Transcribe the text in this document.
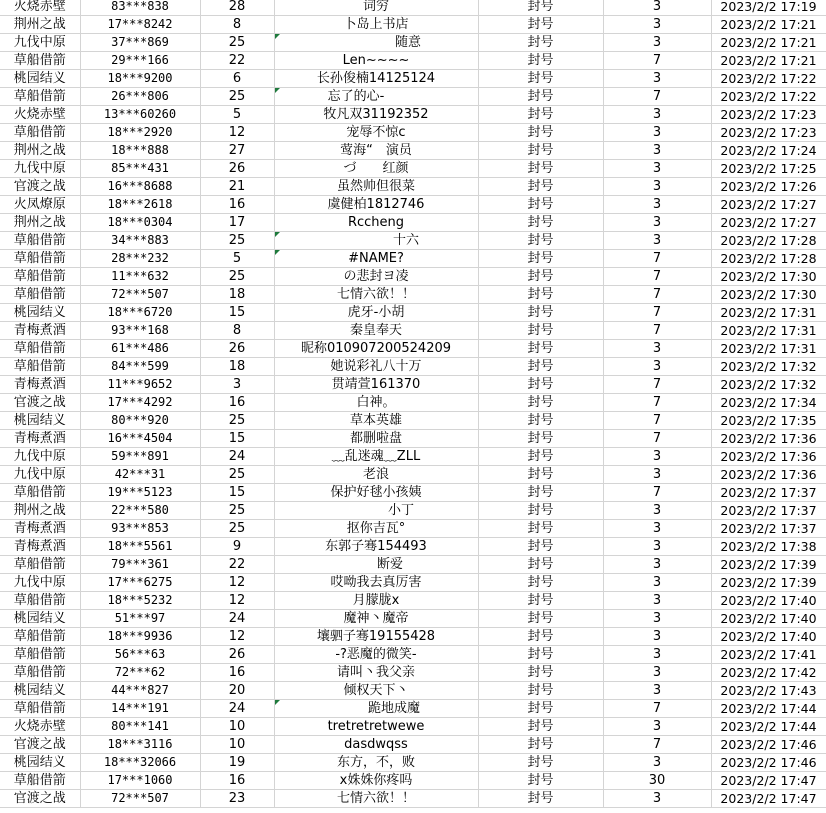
火烧赤壁	83***838	28	词穷	封号	3	2023/2/2 17:19
荆州之战	17***8242	8	卜岛上书店	封号	3	2023/2/2 17:21
九伐中原	37***869	25	随意	封号	3	2023/2/2 17:21
草船借箭	29***166	22	Len~~~~	封号	7	2023/2/2 17:21
桃园结义	18***9200	6	长孙俊楠14125124	封号	3	2023/2/2 17:22
草船借箭	26***806	25	忘了的心-	封号	7	2023/2/2 17:22
火烧赤壁	13***60260	5	牧凡双31192352	封号	3	2023/2/2 17:23
草船借箭	18***2920	12	宠辱不惊c	封号	3	2023/2/2 17:23
荆州之战	18***888	27	莺海“　演员	封号	3	2023/2/2 17:24
九伐中原	85***431	26	づ　　红颜	封号	3	2023/2/2 17:25
官渡之战	16***8688	21	虽然帅但很菜	封号	3	2023/2/2 17:26
火凤燎原	18***2618	16	虞健柏1812746	封号	3	2023/2/2 17:27
荆州之战	18***0304	17	Rccheng	封号	3	2023/2/2 17:27
草船借箭	34***883	25	十六	封号	3	2023/2/2 17:28
草船借箭	28***232	5	#NAME?	封号	7	2023/2/2 17:28
草船借箭	11***632	25	の悲封ヨ凌	封号	7	2023/2/2 17:30
草船借箭	72***507	18	七情六欲！！	封号	7	2023/2/2 17:30
桃园结义	18***6720	15	虎牙-小胡	封号	7	2023/2/2 17:31
青梅煮酒	93***168	8	秦皇奉天	封号	7	2023/2/2 17:31
草船借箭	61***486	26	昵称010907200524209	封号	3	2023/2/2 17:31
草船借箭	84***599	18	她说彩礼八十万	封号	3	2023/2/2 17:32
青梅煮酒	11***9652	3	贯靖萱161370	封号	7	2023/2/2 17:32
官渡之战	17***4292	16	白神。	封号	7	2023/2/2 17:34
桃园结义	80***920	25	草本英雄	封号	7	2023/2/2 17:35
青梅煮酒	16***4504	15	都删啦盘	封号	7	2023/2/2 17:36
九伐中原	59***891	24	﹏乱迷魂﹏ZLL	封号	3	2023/2/2 17:36
九伐中原	42***31	25	老浪	封号	3	2023/2/2 17:36
草船借箭	19***5123	15	保护好毬小孩姨	封号	7	2023/2/2 17:37
荆州之战	22***580	25	小丁	封号	3	2023/2/2 17:37
青梅煮酒	93***853	25	抠你吉瓦°	封号	3	2023/2/2 17:37
青梅煮酒	18***5561	9	东郭子骞154493	封号	3	2023/2/2 17:38
草船借箭	79***361	22	断爱	封号	3	2023/2/2 17:39
九伐中原	17***6275	12	哎呦我去真厉害	封号	3	2023/2/2 17:39
草船借箭	18***5232	12	月朦胧x	封号	3	2023/2/2 17:40
桃园结义	51***97	24	魔神丶魔帝	封号	3	2023/2/2 17:40
草船借箭	18***9936	12	壤驷子骞19155428	封号	3	2023/2/2 17:40
草船借箭	56***63	26	-?恶魔的微笑-	封号	3	2023/2/2 17:41
草船借箭	72***62	16	请叫丶我父亲	封号	3	2023/2/2 17:42
桃园结义	44***827	20	倾权天下丶	封号	3	2023/2/2 17:43
草船借箭	14***191	24	跪地成魔	封号	7	2023/2/2 17:44
火烧赤壁	80***141	10	tretretretwewe	封号	3	2023/2/2 17:44
官渡之战	18***3116	10	dasdwqss	封号	7	2023/2/2 17:46
桃园结义	18***32066	19	东方，不，败	封号	3	2023/2/2 17:46
草船借箭	17***1060	16	x姝姝你疼吗	封号	30	2023/2/2 17:47
官渡之战	72***507	23	七情六欲！！	封号	3	2023/2/2 17:47
